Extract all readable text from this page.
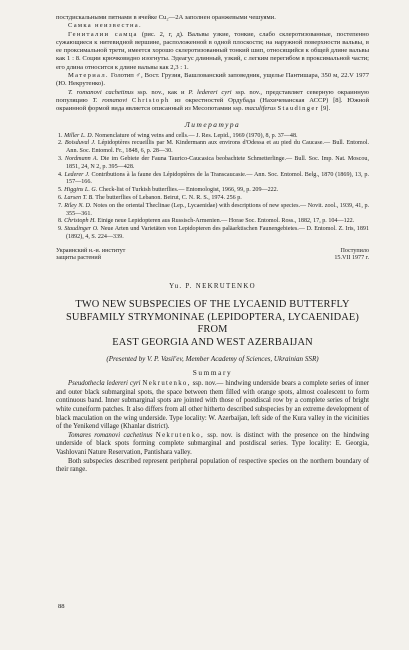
постдискальными пятнами в ячейке Cu₂—2A заполнен оранжевыми чешуями.

Самка неизвестна.

Гениталии самца (рис. 2, г, д). Вальвы узкие, тонкие, слабо склеротизованные, постепенно сужающиеся к нитевидной вершине, расположенной в одной плоскости; на наружной поверхности вальвы, в ее проксимальной трети, имеется хорошо склеротизованный тонкий шип, относящийся к общей длине вальвы как 1 : 8. Соции крючковидно изогнуты. Эдеагус длинный, узкий, с легким перегибом в проксимальной части; его длина относится к длине вальвы как 2,3 : 1.

Материал. Голотип ♂, Вост. Грузия, Вашлованский заповедник, ущелье Пантишара, 350 м, 22.V 1977 (Ю. Некрутенко).

T. romanovi cachetinus ssp. nov., как и P. ledereri cyri ssp. nov., представляет северную окраинную популяцию T. romanovi Christoph из окрестностей Ордубада (Нахичеванская АССР) [8]. Южной окраинной формой вида является описанный из Месопотамии ssp. maculiferus Staudinger [9].

Литература
1. Miller L. D. Nomenclature of wing veins and cells.— J. Res. Lepid., 1969 (1970), 8, p. 37—48.
2. Boisduval J. Lépidoptères recueillis par M. Kindermann aux environs d'Odessa et au pied du Caucase.— Bull. Entomol. Ann. Soc. Entomol. Fr., 1848, 6, p. 28—30.
3. Nordmann A. Die im Gebiete der Fauna Taurico-Caucasica beobachtete Schmetterlinge.— Bull. Soc. Imp. Nat. Moscou, 1851, 24, N 2, p. 395—428.
4. Lederer J. Contributions à la faune des Lépidoptères de la Transcaucasie.— Ann. Soc. Entomol. Belg., 1870 (1869), 13, p. 157—166.
5. Higgins L. G. Check-list of Turkish butterflies.— Entomologist, 1966, 99, p. 209—222.
6. Larsen T. B. The butterflies of Lebanon. Beirut, C. N. R. S., 1974. 256 p.
7. Riley N. D. Notes on the oriental Theclinae (Lep., Lycaenidae) with descriptions of new species.— Novit. zool., 1939, 41, p. 355—361.
8. Christoph H. Einige neue Lepidopteren aus Russisch-Armenien.— Horae Soc. Entomol. Ross., 1882, 17, p. 104—122.
9. Staudinger O. Neue Arten und Varietäten von Lepidopteren des paläarktischen Faunengebietes.— D. Entomol. Z. Iris, 1891 (1892), 4, S. 224—339.
Украинский н.-и. институт
защиты растений
Поступило
15.VII 1977 г.
Yu. P. NEKRUTENKO
TWO NEW SUBSPECIES OF THE LYCAENID BUTTERFLY
SUBFAMILY STRYMONINAE (LEPIDOPTERA, LYCAENIDAE) FROM
EAST GEORGIA AND WEST AZERBAIJAN
(Presented by V. P. Vasil'ev, Member Academy of Sciences, Ukrainian SSR)
Summary

Pseudothecla ledereri cyri Nekrutenko, ssp. nov.— hindwing underside bears a complete series of inner and outer black submarginal spots, the space between them filled with orange spots, almost coalescent to form continuous band. Inner submarginal spots are jointed with those of postdiscal row by a complete series of bright white cuneiform patches. It also differs from all other hitherto described subspecies by an extreme development of black maculation on the wing underside. Type locality: W. Azerbaijan, left side of the Kura valley in the vicinities of the Yenikend village (Khanlar district).

Tomares romanovi cachetinus Nekrutenko, ssp. nov. is distinct with the presence on the hindwing underside of black spots forming complete submarginal and postdiscal series. Type locality: E. Georgia, Vashlovani Nature Reservation, Pantishara valley.

Both subspecies described represent peripheral population of respective species on the northern boundary of their range.

88
